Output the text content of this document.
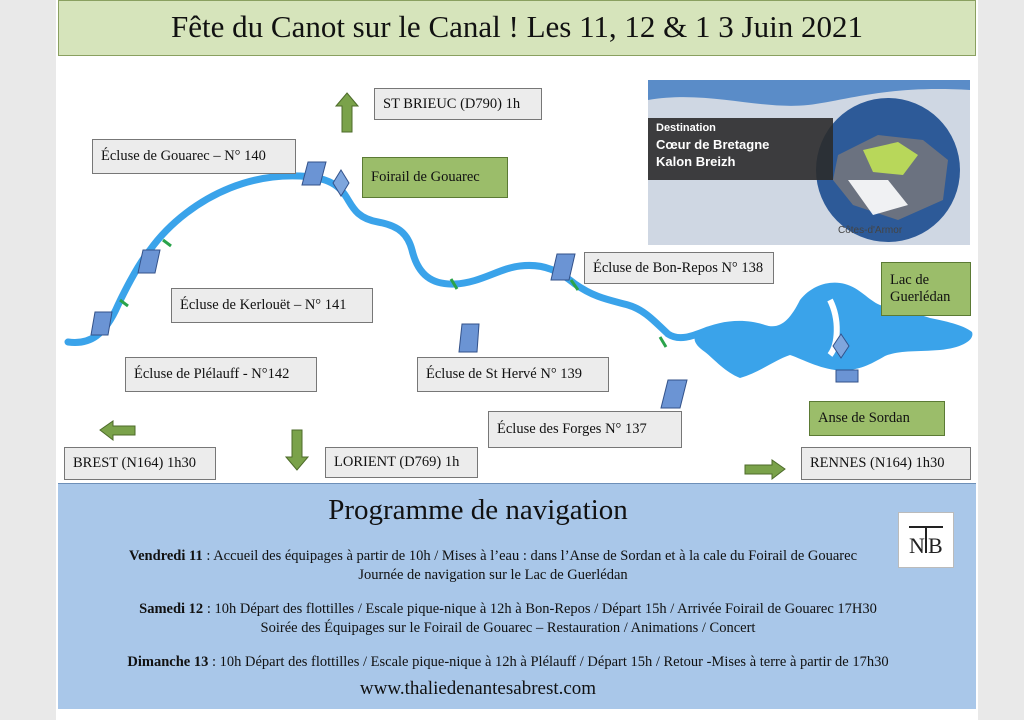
Fête du Canot sur le Canal ! Les 11, 12 & 1 3 Juin 2021
Destination
Cœur de Bretagne
Kalon Breizh
Côtes-d'Armor
ST BRIEUC (D790) 1h
Écluse de Gouarec – N° 140
Foirail de Gouarec
Écluse de Bon-Repos N° 138
Lac de Guerlédan
Écluse de Kerlouët – N° 141
Écluse de Plélauff - N°142	Écluse de St Hervé N° 139
Anse de Sordan
Écluse des Forges N° 137
BREST (N164) 1h30	LORIENT (D769) 1h	RENNES (N164) 1h30
Programme de navigation
Vendredi 11 : Accueil des équipages à partir de 10h / Mises à l’eau : dans l’Anse de Sordan et à la cale du Foirail de Gouarec
Journée de navigation sur le Lac de Guerlédan
Samedi 12 : 10h Départ des flottilles / Escale pique-nique à 12h à Bon-Repos / Départ 15h / Arrivée Foirail de Gouarec 17H30
Soirée des Équipages sur le Foirail de Gouarec – Restauration / Animations / Concert
Dimanche 13 : 10h Départ des flottilles / Escale pique-nique à 12h à Plélauff / Départ 15h / Retour -Mises à terre à partir de 17h30
www.thaliedenantesabrest.com
N B
